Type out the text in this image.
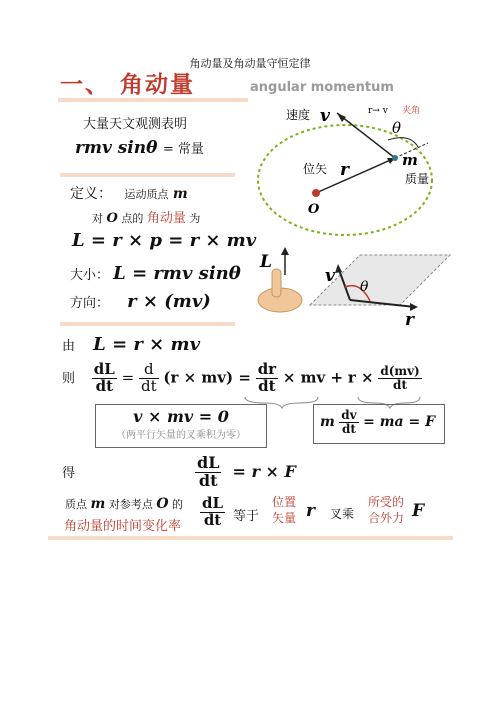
角动量及角动量守恒定律
一、 角动量	angular momentum
大量天文观测表明
rmv sinθ = 常量
速度 v	r→ v 夹角
θ
位矢 r	m
质量
O
定义： 运动质点 m
对 O 点的 角动量 为
L = r × p = r × mv
大小： L = rmv sinθ
方向： r × (mv)
L
v
θ
r
由 L = r × mv
则 $\frac{dL}{dt} = \frac{d}{dt} (r \times mv) = \frac{dr}{dt}$ × mv + $r \times \frac{d(mv)}{dt}$
v × mv = 0
（两平行矢量的叉乘积为零）
m $\frac{dv}{dt}$ = ma = F
得	$\frac{dL}{dt} = r \times F$
质点 m 对参考点 O 的
角动量的时间变化率 $\frac{dL}{dt}$ 等于
位置
矢量 r 叉乘
所受的
合外力 F
